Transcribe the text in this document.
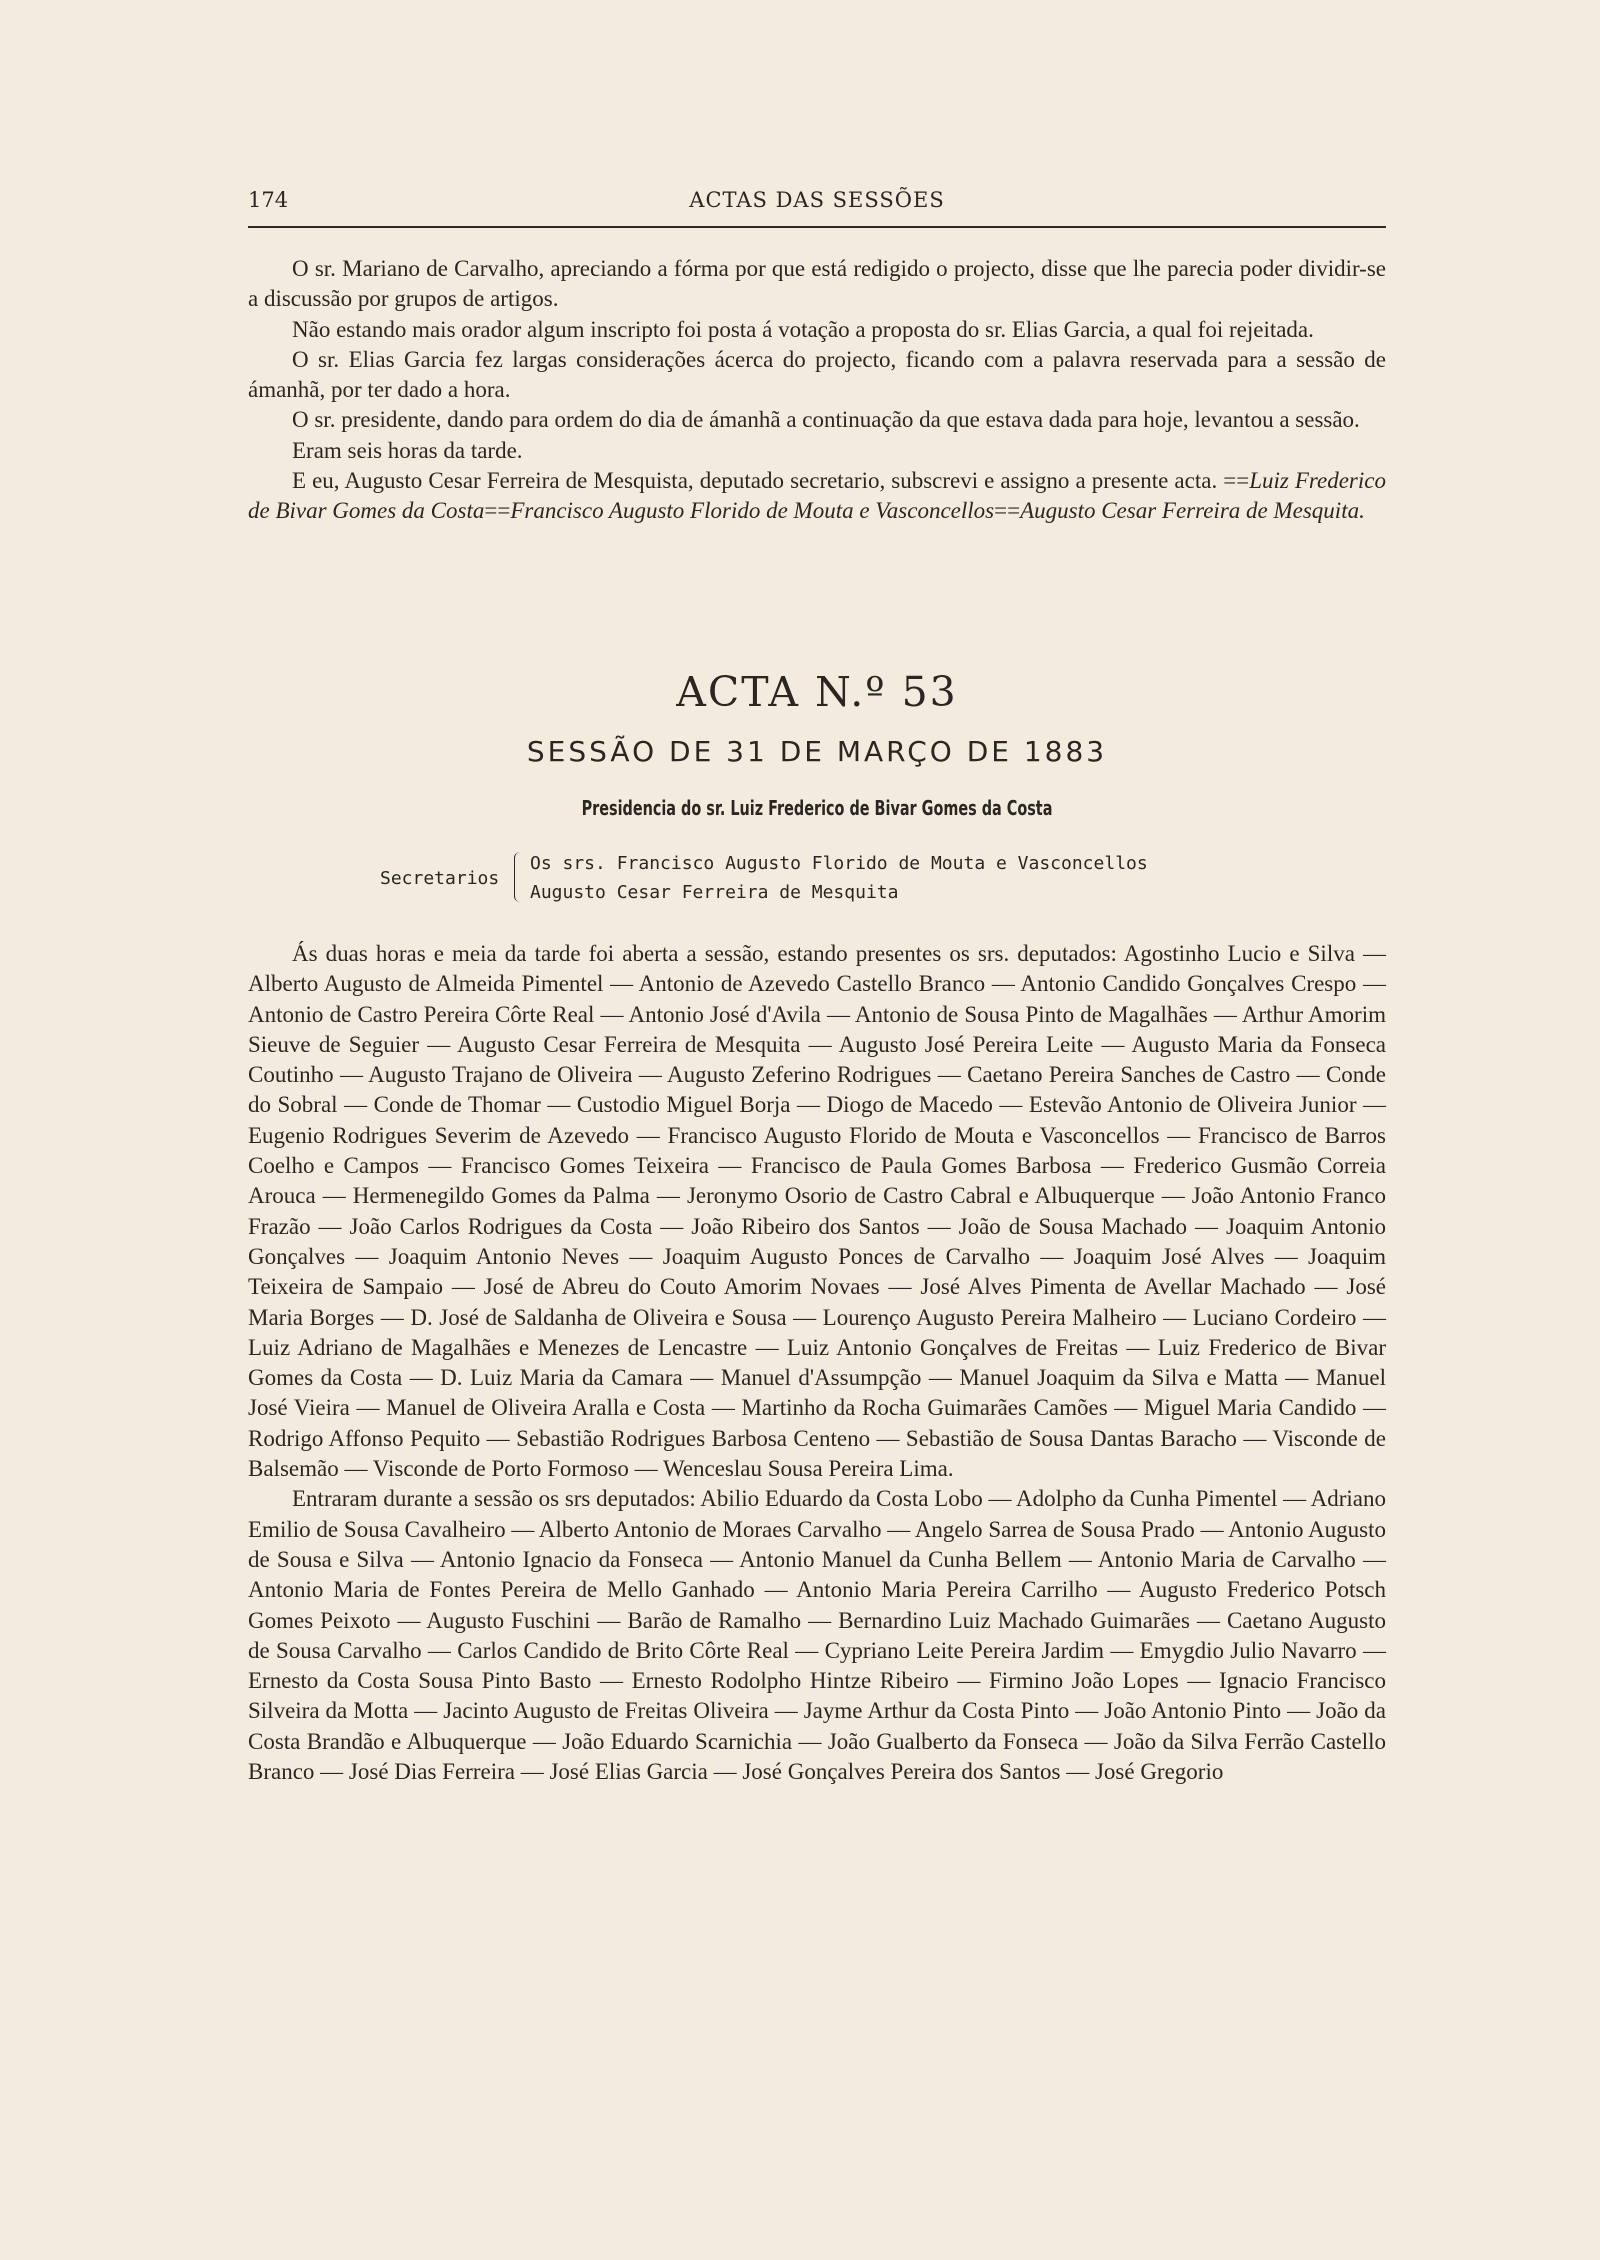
174	ACTAS DAS SESSÕES

O sr. Mariano de Carvalho, apreciando a fórma por que está redigido o projecto, disse que lhe parecia poder dividir-se a discussão por grupos de artigos.

Não estando mais orador algum inscripto foi posta á votação a proposta do sr. Elias Garcia, a qual foi rejeitada.

O sr. Elias Garcia fez largas considerações ácerca do projecto, ficando com a palavra reservada para a sessão de ámanhã, por ter dado a hora.

O sr. presidente, dando para ordem do dia de ámanhã a continuação da que estava dada para hoje, levantou a sessão.

Eram seis horas da tarde.

E eu, Augusto Cesar Ferreira de Mesquista, deputado secretario, subscrevi e assigno a presente acta. ==Luiz Frederico de Bivar Gomes da Costa==Francisco Augusto Florido de Mouta e Vasconcellos==Augusto Cesar Ferreira de Mesquita.

ACTA N.º 53
SESSÃO DE 31 DE MARÇO DE 1883
Presidencia do sr. Luiz Frederico de Bivar Gomes da Costa
Secretarios
Os srs. Francisco Augusto Florido de Mouta e Vasconcellos
Augusto Cesar Ferreira de Mesquita

Ás duas horas e meia da tarde foi aberta a sessão, estando presentes os srs. deputados: Agostinho Lucio e Silva — Alberto Augusto de Almeida Pimentel — Antonio de Azevedo Castello Branco — Antonio Candido Gonçalves Crespo — Antonio de Castro Pereira Côrte Real — Antonio José d'Avila — Antonio de Sousa Pinto de Magalhães — Arthur Amorim Sieuve de Seguier — Augusto Cesar Ferreira de Mesquita — Augusto José Pereira Leite — Augusto Maria da Fonseca Coutinho — Augusto Trajano de Oliveira — Augusto Zeferino Rodrigues — Caetano Pereira Sanches de Castro — Conde do Sobral — Conde de Thomar — Custodio Miguel Borja — Diogo de Macedo — Estevão Antonio de Oliveira Junior — Eugenio Rodrigues Severim de Azevedo — Francisco Augusto Florido de Mouta e Vasconcellos — Francisco de Barros Coelho e Campos — Francisco Gomes Teixeira — Francisco de Paula Gomes Barbosa — Frederico Gusmão Correia Arouca — Hermenegildo Gomes da Palma — Jeronymo Osorio de Castro Cabral e Albuquerque — João Antonio Franco Frazão — João Carlos Rodrigues da Costa — João Ribeiro dos Santos — João de Sousa Machado — Joaquim Antonio Gonçalves — Joaquim Antonio Neves — Joaquim Augusto Ponces de Carvalho — Joaquim José Alves — Joaquim Teixeira de Sampaio — José de Abreu do Couto Amorim Novaes — José Alves Pimenta de Avellar Machado — José Maria Borges — D. José de Saldanha de Oliveira e Sousa — Lourenço Augusto Pereira Malheiro — Luciano Cordeiro — Luiz Adriano de Magalhães e Menezes de Lencastre — Luiz Antonio Gonçalves de Freitas — Luiz Frederico de Bivar Gomes da Costa — D. Luiz Maria da Camara — Manuel d'Assumpção — Manuel Joaquim da Silva e Matta — Manuel José Vieira — Manuel de Oliveira Aralla e Costa — Martinho da Rocha Guimarães Camões — Miguel Maria Candido — Rodrigo Affonso Pequito — Sebastião Rodrigues Barbosa Centeno — Sebastião de Sousa Dantas Baracho — Visconde de Balsemão — Visconde de Porto Formoso — Wenceslau Sousa Pereira Lima.

Entraram durante a sessão os srs deputados: Abilio Eduardo da Costa Lobo — Adolpho da Cunha Pimentel — Adriano Emilio de Sousa Cavalheiro — Alberto Antonio de Moraes Carvalho — Angelo Sarrea de Sousa Prado — Antonio Augusto de Sousa e Silva — Antonio Ignacio da Fonseca — Antonio Manuel da Cunha Bellem — Antonio Maria de Carvalho — Antonio Maria de Fontes Pereira de Mello Ganhado — Antonio Maria Pereira Carrilho — Augusto Frederico Potsch Gomes Peixoto — Augusto Fuschini — Barão de Ramalho — Bernardino Luiz Machado Guimarães — Caetano Augusto de Sousa Carvalho — Carlos Candido de Brito Côrte Real — Cypriano Leite Pereira Jardim — Emygdio Julio Navarro — Ernesto da Costa Sousa Pinto Basto — Ernesto Rodolpho Hintze Ribeiro — Firmino João Lopes — Ignacio Francisco Silveira da Motta — Jacinto Augusto de Freitas Oliveira — Jayme Arthur da Costa Pinto — João Antonio Pinto — João da Costa Brandão e Albuquerque — João Eduardo Scarnichia — João Gualberto da Fonseca — João da Silva Ferrão Castello Branco — José Dias Ferreira — José Elias Garcia — José Gonçalves Pereira dos Santos — José Gregorio
